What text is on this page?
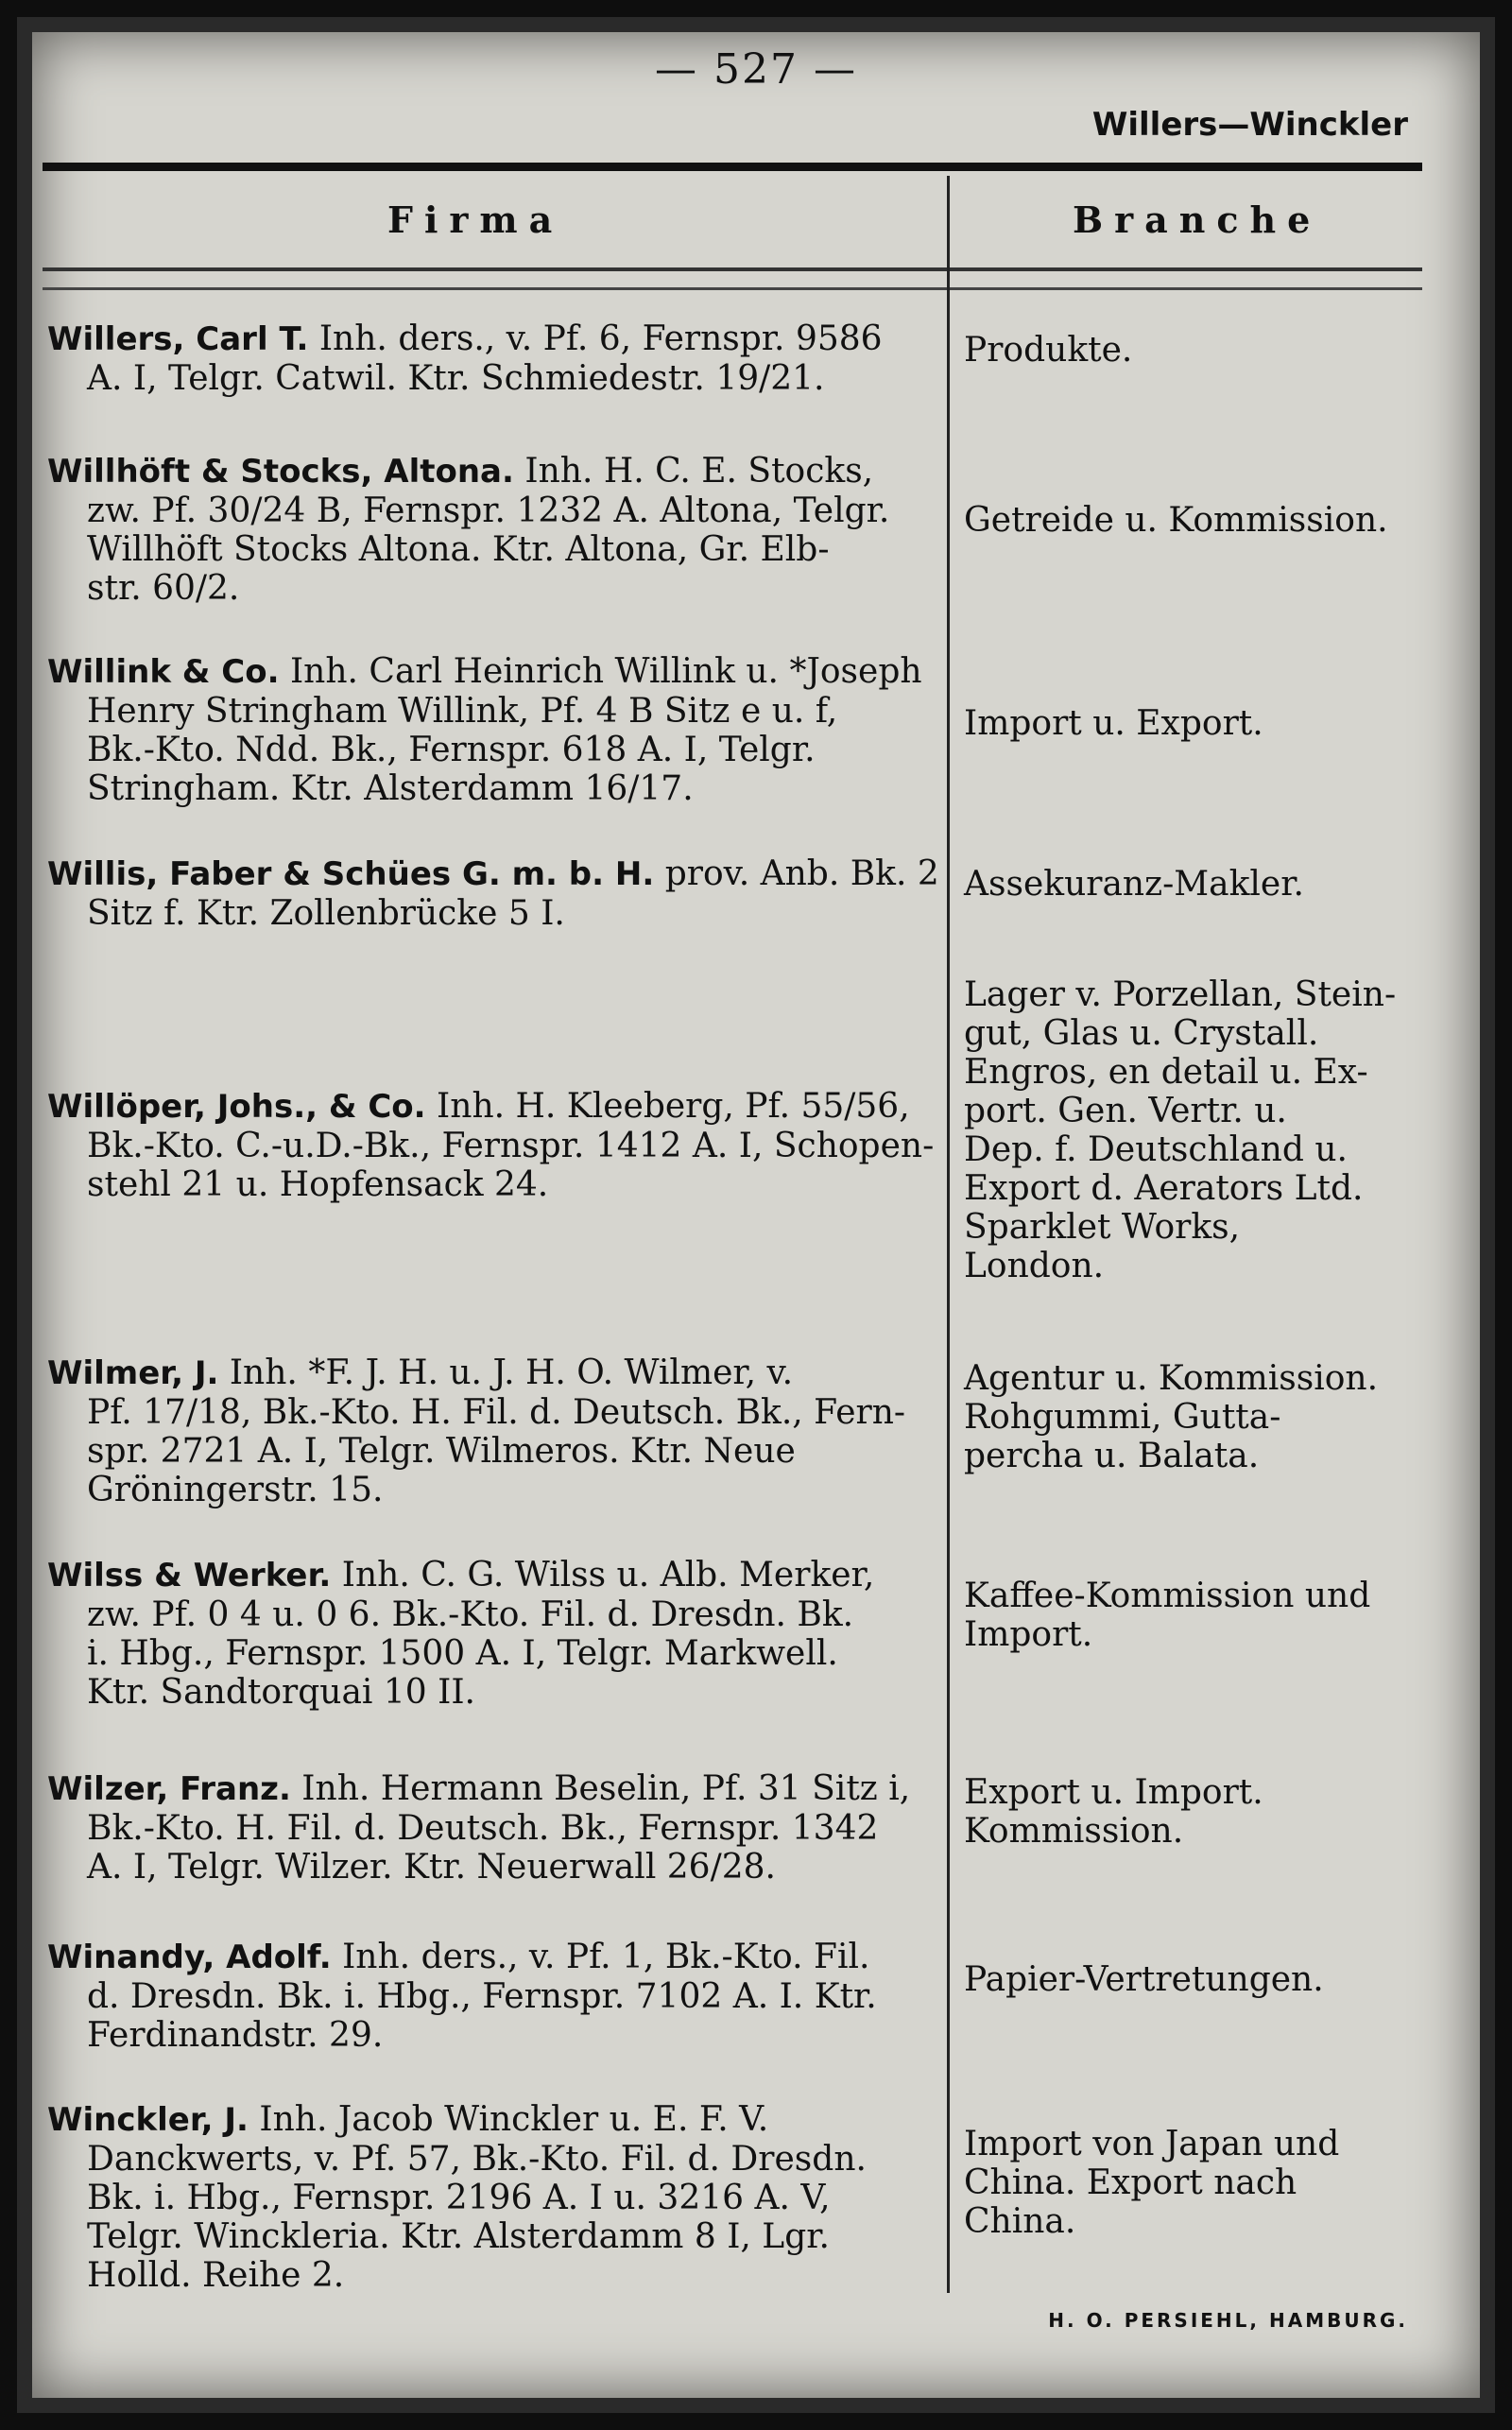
— 527 —
Willers—Winckler
Firma	Branche
Willers, Carl T. Inh. ders., v. Pf. 6, Fernspr. 9586
A. I, Telgr. Catwil. Ktr. Schmiedestr. 19/21.
Produkte.
Willhöft & Stocks, Altona. Inh. H. C. E. Stocks,
zw. Pf. 30/24 B, Fernspr. 1232 A. Altona, Telgr.
Willhöft Stocks Altona. Ktr. Altona, Gr. Elb-
str. 60/2.
Getreide u. Kommission.
Willink & Co. Inh. Carl Heinrich Willink u. *Joseph
Henry Stringham Willink, Pf. 4 B Sitz e u. f,
Bk.-Kto. Ndd. Bk., Fernspr. 618 A. I, Telgr.
Stringham. Ktr. Alsterdamm 16/17.
Import u. Export.
Willis, Faber & Schües G. m. b. H. prov. Anb. Bk. 2
Sitz f. Ktr. Zollenbrücke 5 I.
Assekuranz-Makler.
Willöper, Johs., & Co. Inh. H. Kleeberg, Pf. 55/56,
Bk.-Kto. C.-u.D.-Bk., Fernspr. 1412 A. I, Schopen-
stehl 21 u. Hopfensack 24.
Lager v. Porzellan, Stein-
gut, Glas u. Crystall.
Engros, en detail u. Ex-
port. Gen. Vertr. u.
Dep. f. Deutschland u.
Export d. Aerators Ltd.
Sparklet Works,
London.
Wilmer, J. Inh. *F. J. H. u. J. H. O. Wilmer, v.
Pf. 17/18, Bk.-Kto. H. Fil. d. Deutsch. Bk., Fern-
spr. 2721 A. I, Telgr. Wilmeros. Ktr. Neue
Gröningerstr. 15.
Agentur u. Kommission.
Rohgummi, Gutta-
percha u. Balata.
Wilss & Werker. Inh. C. G. Wilss u. Alb. Merker,
zw. Pf. 0 4 u. 0 6. Bk.-Kto. Fil. d. Dresdn. Bk.
i. Hbg., Fernspr. 1500 A. I, Telgr. Markwell.
Ktr. Sandtorquai 10 II.
Kaffee-Kommission und
Import.
Wilzer, Franz. Inh. Hermann Beselin, Pf. 31 Sitz i,
Bk.-Kto. H. Fil. d. Deutsch. Bk., Fernspr. 1342
A. I, Telgr. Wilzer. Ktr. Neuerwall 26/28.
Export u. Import.
Kommission.
Winandy, Adolf. Inh. ders., v. Pf. 1, Bk.-Kto. Fil.
d. Dresdn. Bk. i. Hbg., Fernspr. 7102 A. I. Ktr.
Ferdinandstr. 29.
Papier-Vertretungen.
Winckler, J. Inh. Jacob Winckler u. E. F. V.
Danckwerts, v. Pf. 57, Bk.-Kto. Fil. d. Dresdn.
Bk. i. Hbg., Fernspr. 2196 A. I u. 3216 A. V,
Telgr. Winckleria. Ktr. Alsterdamm 8 I, Lgr.
Holld. Reihe 2.
Import von Japan und
China. Export nach
China.
H. O. PERSIEHL, HAMBURG.
